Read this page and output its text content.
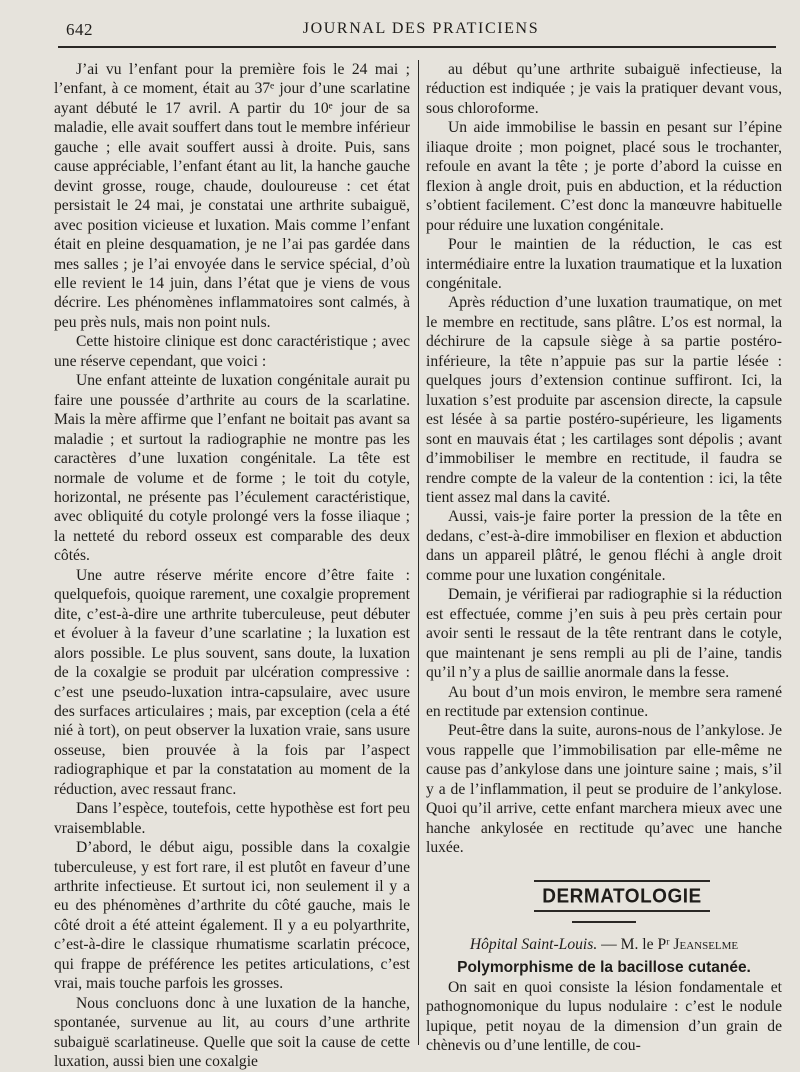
642	JOURNAL DES PRATICIENS

J’ai vu l’enfant pour la première fois le 24 mai ; l’enfant, à ce moment, était au 37ᵉ jour d’une scarlatine ayant débuté le 17 avril. A partir du 10ᵉ jour de sa maladie, elle avait souffert dans tout le membre inférieur gauche ; elle avait souffert aussi à droite. Puis, sans cause appréciable, l’enfant étant au lit, la hanche gauche devint grosse, rouge, chaude, douloureuse : cet état persistait le 24 mai, je constatai une arthrite subaiguë, avec position vicieuse et luxation. Mais comme l’enfant était en pleine desquamation, je ne l’ai pas gardée dans mes salles ; je l’ai envoyée dans le service spécial, d’où elle revient le 14 juin, dans l’état que je viens de vous décrire. Les phénomènes inflammatoires sont calmés, à peu près nuls, mais non point nuls.

Cette histoire clinique est donc caractéristique ; avec une réserve cependant, que voici :

Une enfant atteinte de luxation congénitale aurait pu faire une poussée d’arthrite au cours de la scarlatine. Mais la mère affirme que l’enfant ne boitait pas avant sa maladie ; et surtout la radiographie ne montre pas les caractères d’une luxation congénitale. La tête est normale de volume et de forme ; le toit du cotyle, horizontal, ne présente pas l’éculement caractéristique, avec obliquité du cotyle prolongé vers la fosse iliaque ; la netteté du rebord osseux est comparable des deux côtés.

Une autre réserve mérite encore d’être faite : quelquefois, quoique rarement, une coxalgie proprement dite, c’est-à-dire une arthrite tuberculeuse, peut débuter et évoluer à la faveur d’une scarlatine ; la luxation est alors possible. Le plus souvent, sans doute, la luxation de la coxalgie se produit par ulcération compressive : c’est une pseudo-luxation intra-capsulaire, avec usure des surfaces articulaires ; mais, par exception (cela a été nié à tort), on peut observer la luxation vraie, sans usure osseuse, bien prouvée à la fois par l’aspect radiographique et par la constatation au moment de la réduction, avec ressaut franc.

Dans l’espèce, toutefois, cette hypothèse est fort peu vraisemblable.

D’abord, le début aigu, possible dans la coxalgie tuberculeuse, y est fort rare, il est plutôt en faveur d’une arthrite infectieuse. Et surtout ici, non seulement il y a eu des phénomènes d’arthrite du côté gauche, mais le côté droit a été atteint également. Il y a eu polyarthrite, c’est-à-dire le classique rhumatisme scarlatin précoce, qui frappe de préférence les petites articulations, c’est vrai, mais touche parfois les grosses.

Nous concluons donc à une luxation de la hanche, spontanée, survenue au lit, au cours d’une arthrite subaiguë scarlatineuse. Quelle que soit la cause de cette luxation, aussi bien une coxalgie

au début qu’une arthrite subaiguë infectieuse, la réduction est indiquée ; je vais la pratiquer devant vous, sous chloroforme.

Un aide immobilise le bassin en pesant sur l’épine iliaque droite ; mon poignet, placé sous le trochanter, refoule en avant la tête ; je porte d’abord la cuisse en flexion à angle droit, puis en abduction, et la réduction s’obtient facilement. C’est donc la manœuvre habituelle pour réduire une luxation congénitale.

Pour le maintien de la réduction, le cas est intermédiaire entre la luxation traumatique et la luxation congénitale.

Après réduction d’une luxation traumatique, on met le membre en rectitude, sans plâtre. L’os est normal, la déchirure de la capsule siège à sa partie postéro-inférieure, la tête n’appuie pas sur la partie lésée : quelques jours d’extension continue suffiront. Ici, la luxation s’est produite par ascension directe, la capsule est lésée à sa partie postéro-supérieure, les ligaments sont en mauvais état ; les cartilages sont dépolis ; avant d’immobiliser le membre en rectitude, il faudra se rendre compte de la valeur de la contention : ici, la tête tient assez mal dans la cavité.

Aussi, vais-je faire porter la pression de la tête en dedans, c’est-à-dire immobiliser en flexion et abduction dans un appareil plâtré, le genou fléchi à angle droit comme pour une luxation congénitale.

Demain, je vérifierai par radiographie si la réduction est effectuée, comme j’en suis à peu près certain pour avoir senti le ressaut de la tête rentrant dans le cotyle, que maintenant je sens rempli au pli de l’aine, tandis qu’il n’y a plus de saillie anormale dans la fesse.

Au bout d’un mois environ, le membre sera ramené en rectitude par extension continue.

Peut-être dans la suite, aurons-nous de l’ankylose. Je vous rappelle que l’immobilisation par elle-même ne cause pas d’ankylose dans une jointure saine ; mais, s’il y a de l’inflammation, il peut se produire de l’ankylose. Quoi qu’il arrive, cette enfant marchera mieux avec une hanche ankylosée en rectitude qu’avec une hanche luxée.

DERMATOLOGIE
Hôpital Saint-Louis. — M. le Pʳ Jeanselme
Polymorphisme de la bacillose cutanée.

On sait en quoi consiste la lésion fondamentale et pathognomonique du lupus nodulaire : c’est le nodule lupique, petit noyau de la dimension d’un grain de chènevis ou d’une lentille, de cou-
